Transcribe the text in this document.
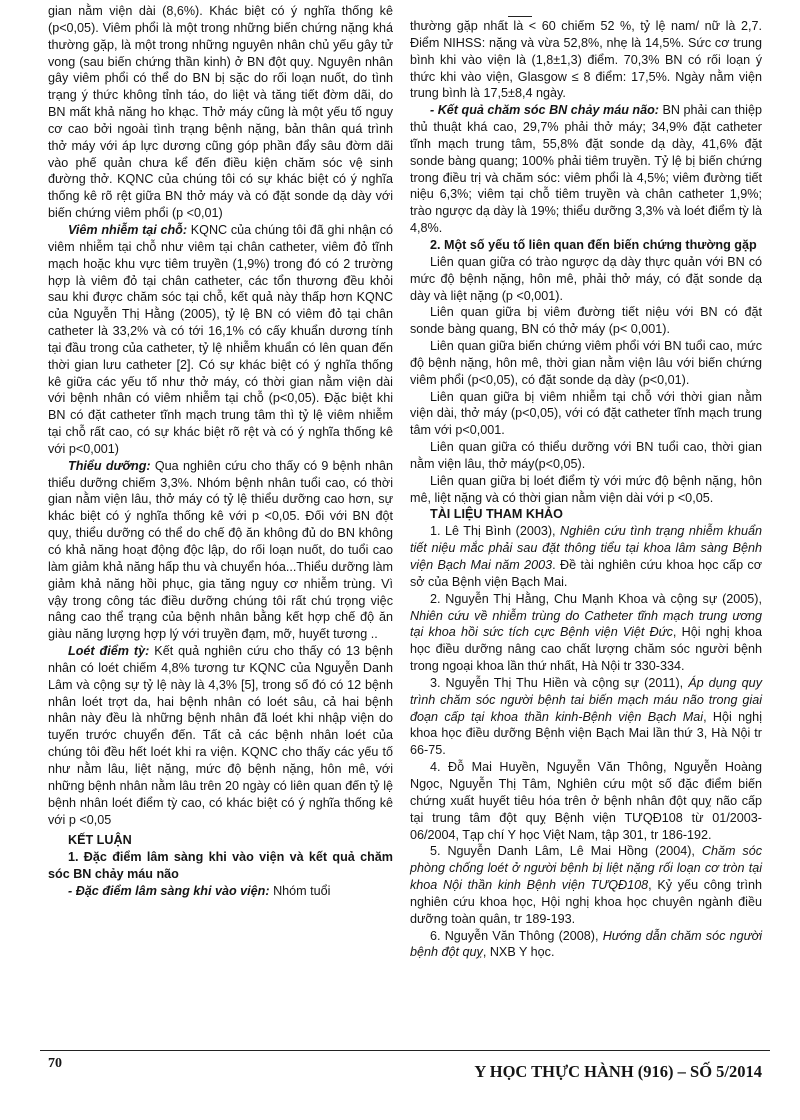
gian nằm viện dài (8,6%). Khác biệt có ý nghĩa thống kê (p<0,05). Viêm phổi là một trong những biến chứng nặng khá thường gặp, là một trong những nguyên nhân chủ yếu gây tử vong (sau biến chứng thần kinh) ở BN đột quỵ. Nguyên nhân gây viêm phổi có thể do BN bị sặc do rối loạn nuốt, do tình trạng ý thức không tỉnh táo, do liệt và tăng tiết đờm dãi, do BN mất khả năng ho khạc. Thở máy cũng là một yếu tố nguy cơ cao bởi ngoài tình trạng bệnh nặng, bản thân quá trình thở máy với áp lực dương cũng góp phần đẩy sâu đờm dãi vào phế quản chưa kể đến điều kiện chăm sóc vệ sinh đường thở. KQNC của chúng tôi có sự khác biệt có ý nghĩa thống kê rõ rệt giữa BN thở máy và có đặt sonde dạ dày với biến chứng viêm phổi (p <0,01)

Viêm nhiễm tại chỗ: KQNC của chúng tôi đã ghi nhận có viêm nhiễm tại chỗ như viêm tại chân catheter, viêm đỏ tĩnh mạch hoặc khu vực tiêm truyền (1,9%) trong đó có 2 trường hợp là viêm đỏ tại chân catheter, các tổn thương đều khỏi sau khi được chăm sóc tại chỗ, kết quả này thấp hơn KQNC của Nguyễn Thị Hằng (2005), tỷ lệ BN có viêm đỏ tại chân catheter là 33,2% và có tới 16,1% có cấy khuẩn dương tính tại đầu trong của catheter, tỷ lệ nhiễm khuẩn có lên quan đến thời gian lưu catheter [2]. Có sự khác biệt có ý nghĩa thống kê giữa các yếu tố như thở máy, có thời gian nằm viện dài với bệnh nhân có viêm nhiễm tại chỗ (p<0,05). Đặc biệt khi BN có đặt catheter tĩnh mạch trung tâm thì tỷ lệ viêm nhiễm tại chỗ rất cao, có sự khác biệt rõ rệt và có ý nghĩa thống kê với p<0,001)

Thiểu dưỡng: Qua nghiên cứu cho thấy có 9 bệnh nhân thiểu dưỡng chiếm 3,3%. Nhóm bệnh nhân tuổi cao, có thời gian nằm viện lâu, thở máy có tỷ lệ thiểu dưỡng cao hơn, sự khác biệt có ý nghĩa thống kê với p <0,05. Đối với BN đột quỵ, thiểu dưỡng có thể do chế độ ăn không đủ do BN không có khả năng hoạt động độc lập, do rối loạn nuốt, do tuổi cao làm giảm khả năng hấp thu và chuyển hóa...Thiểu dưỡng làm giảm khả năng hồi phục, gia tăng nguy cơ nhiễm trùng. Vì vậy trong công tác điều dưỡng chúng tôi rất chú trọng việc nâng cao thể trạng của bệnh nhân bằng kết hợp chế độ ăn giàu năng lượng hợp lý với truyền đạm, mỡ, huyết tương ..

Loét điểm tỳ: Kết quả nghiên cứu cho thấy có 13 bệnh nhân có loét chiếm 4,8% tương tư KQNC của Nguyễn Danh Lâm và cộng sự tỷ lệ này là 4,3% [5], trong số đó có 12 bệnh nhân loét trợt da, hai bệnh nhân có loét sâu, cả hai bệnh nhân này đều là những bệnh nhân đã loét khi nhập viện do tuyến trước chuyển đến. Tất cả các bệnh nhân loét của chúng tôi đều hết loét khi ra viện. KQNC cho thấy các yếu tố như nằm lâu, liệt nặng, mức độ bệnh nặng, hôn mê, với những bệnh nhân nằm lâu trên 20 ngày có liên quan đến tỷ lệ bệnh nhân loét điểm tỳ cao, có khác biệt có ý nghĩa thống kê với p <0,05

KẾT LUẬN

1. Đặc điểm lâm sàng khi vào viện và kết quả chăm sóc BN chảy máu não

- Đặc điểm lâm sàng khi vào viện: Nhóm tuổi

thường gặp nhất là < 60 chiếm 52 %, tỷ lệ nam/ nữ là 2,7. Điểm NIHSS: nặng và vừa 52,8%, nhẹ là 14,5%. Sức cơ trung bình khi vào viện là (1,8±1,3) điểm. 70,3% BN có rối loạn ý thức khi vào viện, Glasgow ≤ 8 điểm: 17,5%. Ngày nằm viện trung bình là 17,5±8,4 ngày.

- Kết quả chăm sóc BN chảy máu não: BN phải can thiệp thủ thuật khá cao, 29,7% phải thở máy; 34,9% đặt catheter tĩnh mạch trung tâm, 55,8% đặt sonde dạ dày, 41,6% đặt sonde bàng quang; 100% phải tiêm truyền. Tỷ lệ bị biến chứng trong điều trị và chăm sóc: viêm phổi là 4,5%; viêm đường tiết niệu 6,3%; viêm tại chỗ tiêm truyền và chân catheter 1,9%; trào ngược dạ dày là 19%; thiểu dưỡng 3,3% và loét điểm tỳ là 4,8%.

2. Một số yếu tố liên quan đến biến chứng thường gặp

Liên quan giữa có trào ngược dạ dày thực quản với BN có mức độ bệnh nặng, hôn mê, phải thở máy, có đặt sonde dạ dày và liệt nặng (p <0,001).

Liên quan giữa bị viêm đường tiết niệu với BN có đặt sonde bàng quang, BN có thở máy (p< 0,001).

Liên quan giữa biến chứng viêm phổi với BN tuổi cao, mức độ bệnh nặng, hôn mê, thời gian nằm viện lâu với biến chứng viêm phổi (p<0,05), có đặt sonde dạ dày (p<0,01).

Liên quan giữa bị viêm nhiễm tại chỗ với thời gian nằm viện dài, thở máy (p<0,05), với có đặt catheter tĩnh mạch trung tâm với p<0,001.

Liên quan giữa có thiểu dưỡng với BN tuổi cao, thời gian nằm viện lâu, thở máy(p<0,05).

Liên quan giữa bị loét điểm tỳ với mức độ bệnh nặng, hôn mê, liệt nặng và có thời gian nằm viện dài với p <0,05.

TÀI LIỆU THAM KHẢO

1. Lê Thị Bình (2003), Nghiên cứu tình trạng nhiễm khuẩn tiết niệu mắc phải sau đặt thông tiểu tại khoa lâm sàng Bệnh viện Bạch Mai năm 2003. Đề tài nghiên cứu khoa học cấp cơ sở của Bệnh viện Bạch Mai.

2. Nguyễn Thị Hằng, Chu Mạnh Khoa và cộng sự (2005), Nhiên cứu về nhiễm trùng do Catheter tĩnh mạch trung ương tại khoa hồi sức tích cực Bệnh viện Việt Đức, Hội nghị khoa học điều dưỡng nâng cao chất lượng chăm sóc người bệnh trong ngoại khoa lần thứ nhất, Hà Nội tr 330-334.

3. Nguyễn Thị Thu Hiền và cộng sự (2011), Áp dụng quy trình chăm sóc người bệnh tai biến mạch máu não trong giai đoạn cấp tại khoa thần kinh-Bệnh viện Bạch Mai, Hội nghị khoa học điều dưỡng Bệnh viện Bạch Mai lần thứ 3, Hà Nội tr 66-75.

4. Đỗ Mai Huyền, Nguyễn Văn Thông, Nguyễn Hoàng Ngọc, Nguyễn Thị Tâm, Nghiên cứu một số đặc điểm biến chứng xuất huyết tiêu hóa trên ở bệnh nhân đột quỵ não cấp tại trung tâm đột quỵ Bệnh viện TƯQĐ108 từ 01/2003-06/2004, Tạp chí Y học Việt Nam, tập 301, tr 186-192.

5. Nguyễn Danh Lâm, Lê Mai Hồng (2004), Chăm sóc phòng chống loét ở người bệnh bị liệt nặng rối loạn cơ tròn tại khoa Nội thần kinh Bệnh viện TƯQĐ108, Kỷ yếu công trình nghiên cứu khoa học, Hội nghị khoa học chuyên ngành điều dưỡng toàn quân, tr 189-193.

6. Nguyễn Văn Thông (2008), Hướng dẫn chăm sóc người bệnh đột quỵ, NXB Y học.

70	Y HỌC THỰC HÀNH (916) – SỐ 5/2014
